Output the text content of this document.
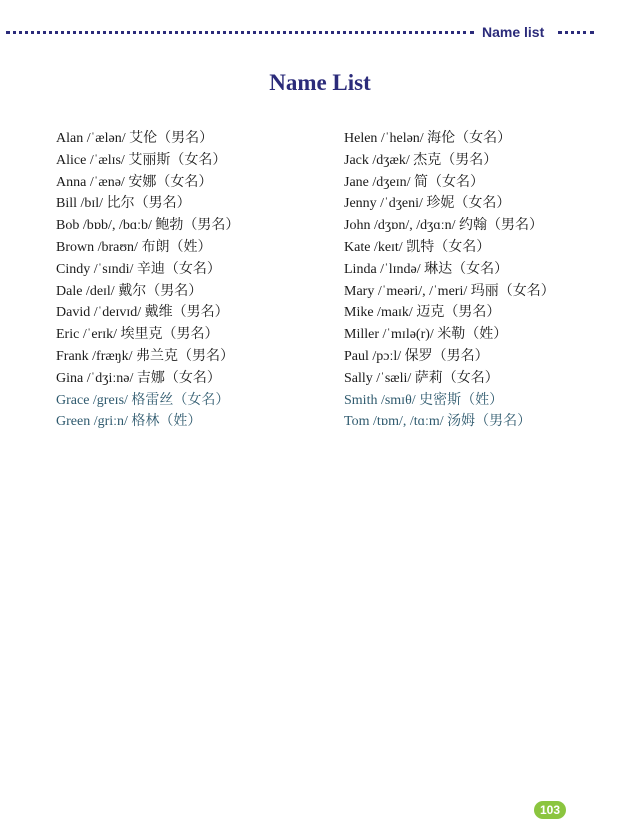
Name list
Name List
Alan /ˈælən/ 艾伦（男名）
Alice /ˈælɪs/ 艾丽斯（女名）
Anna /ˈænə/ 安娜（女名）
Bill /bɪl/ 比尔（男名）
Bob /bɒb/, /bɑːb/ 鲍勃（男名）
Brown /braʊn/ 布朗（姓）
Cindy /ˈsɪndi/ 辛迪（女名）
Dale /deɪl/ 戴尔（男名）
David /ˈdeɪvɪd/ 戴维（男名）
Eric /ˈerɪk/ 埃里克（男名）
Frank /fræŋk/ 弗兰克（男名）
Gina /ˈdʒiːnə/ 吉娜（女名）
Grace /greɪs/ 格雷丝（女名）
Green /griːn/ 格林（姓）
Helen /ˈhelən/ 海伦（女名）
Jack /dʒæk/ 杰克（男名）
Jane /dʒeɪn/ 简（女名）
Jenny /ˈdʒeni/ 珍妮（女名）
John /dʒɒn/, /dʒɑːn/ 约翰（男名）
Kate /keɪt/ 凯特（女名）
Linda /ˈlɪndə/ 琳达（女名）
Mary /ˈmeəri/, /ˈmeri/ 玛丽（女名）
Mike /maɪk/ 迈克（男名）
Miller /ˈmɪlə(r)/ 米勒（姓）
Paul /pɔːl/ 保罗（男名）
Sally /ˈsæli/ 萨莉（女名）
Smith /smɪθ/ 史密斯（姓）
Tom /tɒm/, /tɑːm/ 汤姆（男名）
103
